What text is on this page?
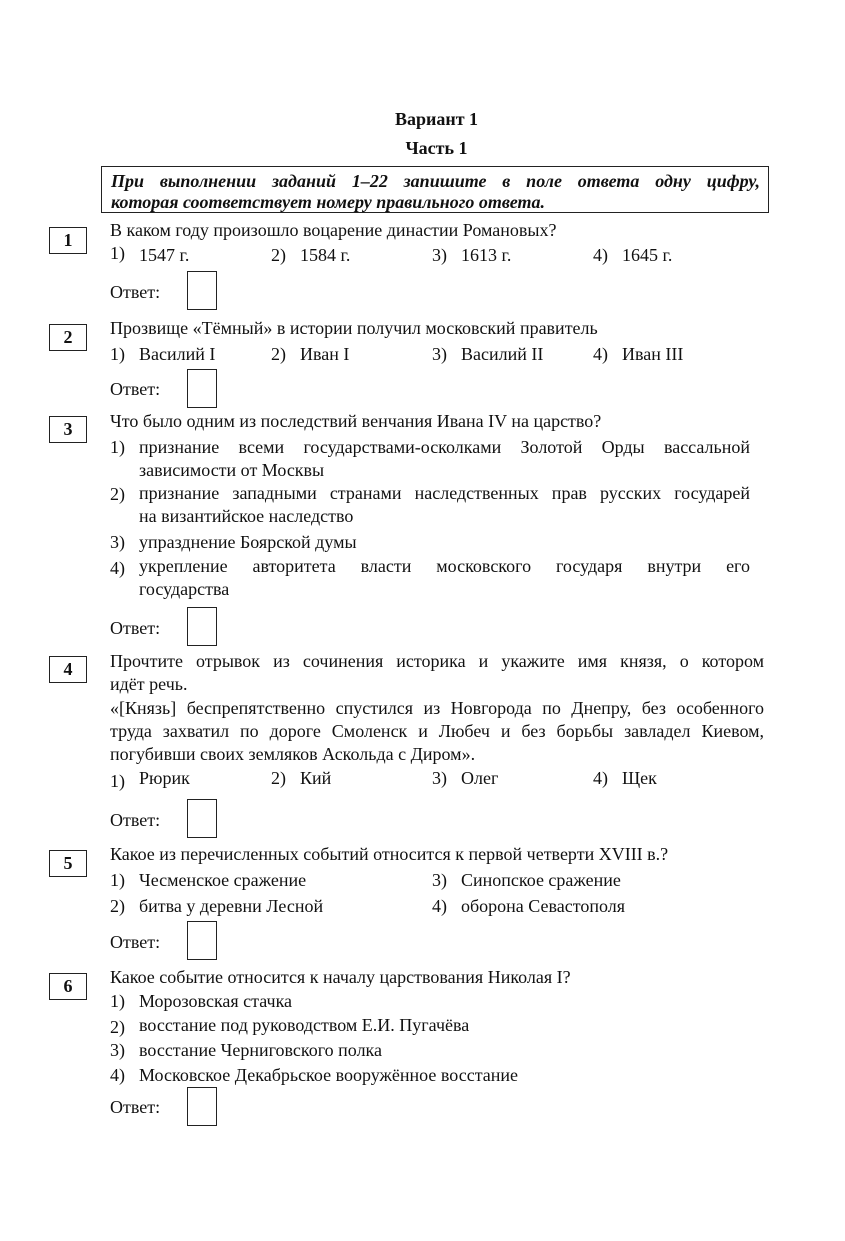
Вариант 1
Часть 1
При выполнении заданий 1–22 запишите в поле ответа одну цифру,
которая соответствует номеру правильного ответа.
1	В каком году произошло воцарение династии Романовых?
1) 1547 г.	2) 1584 г.	3) 1613 г.	4) 1645 г.
Ответ:
2	Прозвище «Тёмный» в истории получил московский правитель
1) Василий I	2) Иван I	3) Василий II	4) Иван III
Ответ:
3	Что было одним из последствий венчания Ивана IV на царство?
1) признание всеми государствами-осколками Золотой Орды вассальной
зависимости от Москвы
2) признание западными странами наследственных прав русских государей
на византийское наследство
3) упразднение Боярской думы
4) укрепление авторитета власти московского государя внутри его
государства
Ответ:
4	Прочтите отрывок из сочинения историка и укажите имя князя, о котором
идёт речь.
«[Князь] беспрепятственно спустился из Новгорода по Днепру, без особенного
труда захватил по дороге Смоленск и Любеч и без борьбы завладел Киевом,
погубивши своих земляков Аскольда с Диром».
1) Рюрик	2) Кий	3) Олег	4) Щек
Ответ:
5	Какое из перечисленных событий относится к первой четверти XVIII в.?
1) Чесменское сражение
2) битва у деревни Лесной
3) Синопское сражение
4) оборона Севастополя
Ответ:
6	Какое событие относится к началу царствования Николая I?
1) Морозовская стачка
2) восстание под руководством Е.И. Пугачёва
3) восстание Черниговского полка
4) Московское Декабрьское вооружённое восстание
Ответ:
